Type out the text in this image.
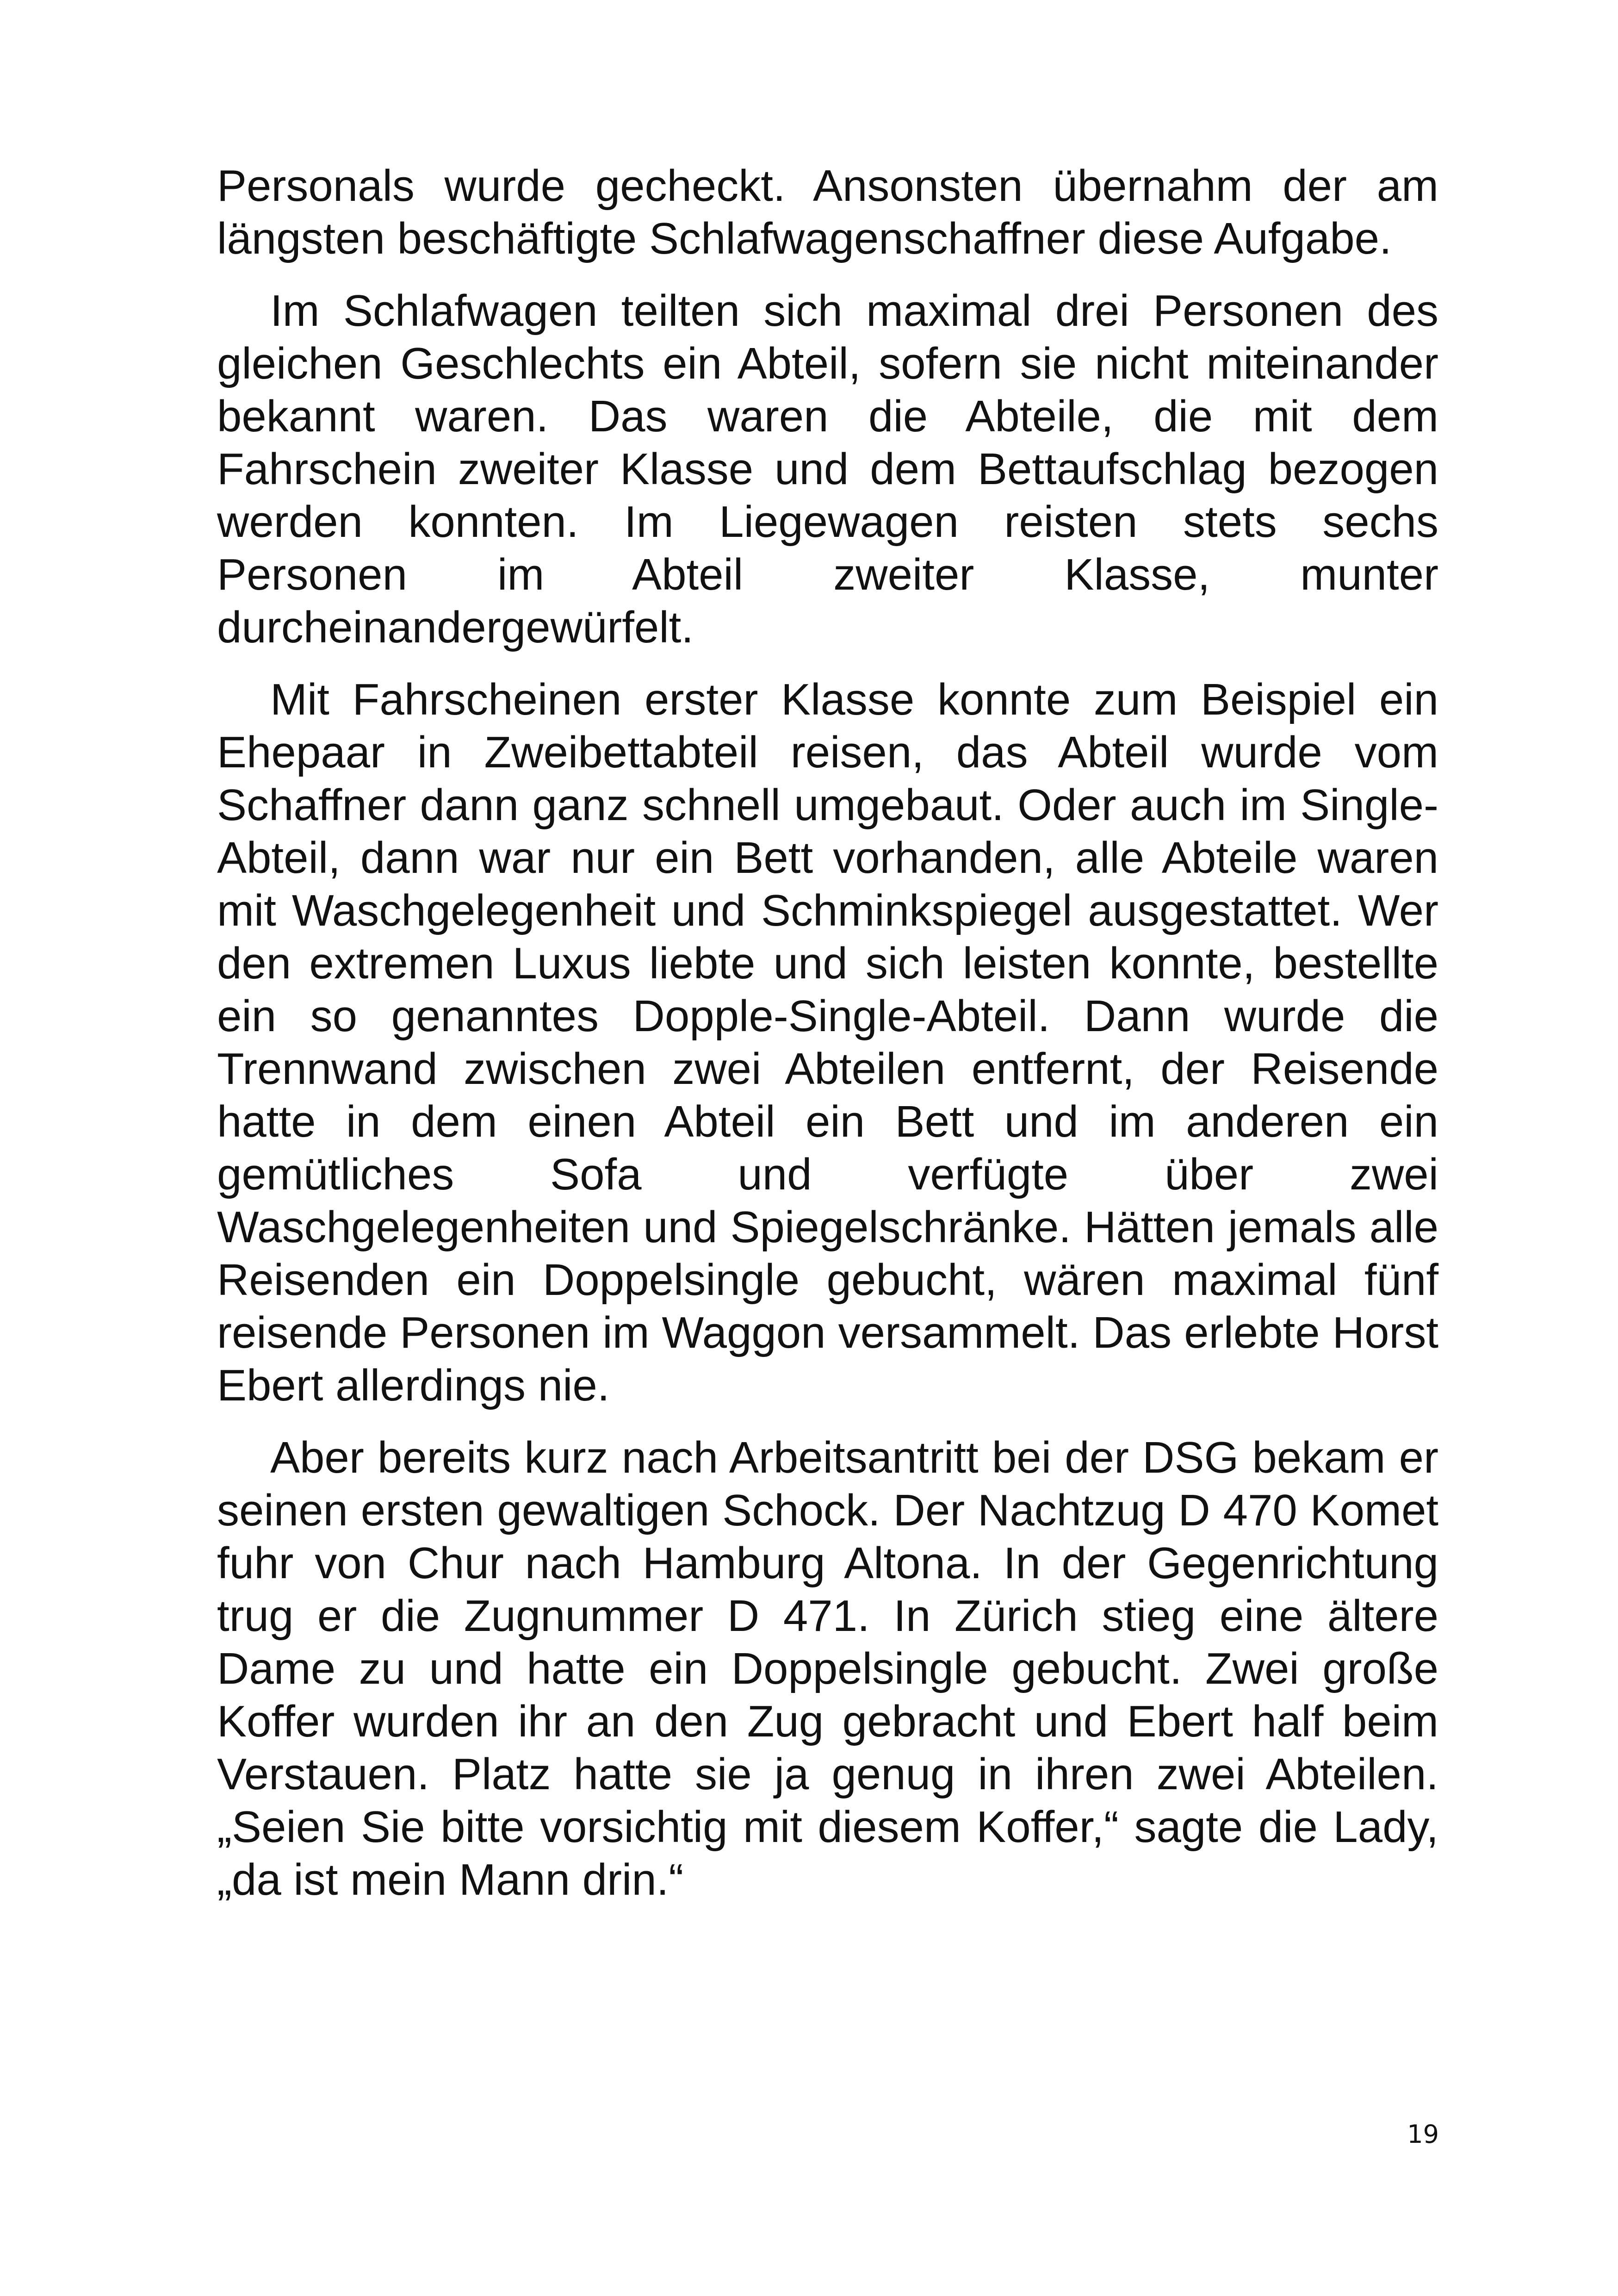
Personals wurde gecheckt. Ansonsten übernahm der am längsten beschäftigte Schlafwagenschaffner diese Aufgabe.

Im Schlafwagen teilten sich maximal drei Personen des gleichen Geschlechts ein Abteil, sofern sie nicht miteinander bekannt waren. Das waren die Abteile, die mit dem Fahrschein zweiter Klasse und dem Bettaufschlag bezogen werden konnten. Im Liegewagen reisten stets sechs Personen im Abteil zweiter Klasse, munter durcheinandergewürfelt.

Mit Fahrscheinen erster Klasse konnte zum Beispiel ein Ehepaar in Zweibettabteil reisen, das Abteil wurde vom Schaffner dann ganz schnell umgebaut. Oder auch im Single-Abteil, dann war nur ein Bett vorhanden, alle Abteile waren mit Waschgelegenheit und Schminkspiegel ausgestattet. Wer den extremen Luxus liebte und sich leisten konnte, bestellte ein so genanntes Dopple-Single-Abteil. Dann wurde die Trennwand zwischen zwei Abteilen entfernt, der Reisende hatte in dem einen Abteil ein Bett und im anderen ein gemütliches Sofa und verfügte über zwei Waschgelegenheiten und Spiegelschränke. Hätten jemals alle Reisenden ein Doppelsingle gebucht, wären maximal fünf reisende Personen im Waggon versammelt. Das erlebte Horst Ebert allerdings nie.

Aber bereits kurz nach Arbeitsantritt bei der DSG bekam er seinen ersten gewaltigen Schock. Der Nachtzug D 470 Komet fuhr von Chur nach Hamburg Altona. In der Gegenrichtung trug er die Zugnummer D 471. In Zürich stieg eine ältere Dame zu und hatte ein Doppelsingle gebucht. Zwei große Koffer wurden ihr an den Zug gebracht und Ebert half beim Verstauen. Platz hatte sie ja genug in ihren zwei Abteilen. „Seien Sie bitte vorsichtig mit diesem Koffer,“ sagte die Lady, „da ist mein Mann drin.“

19
